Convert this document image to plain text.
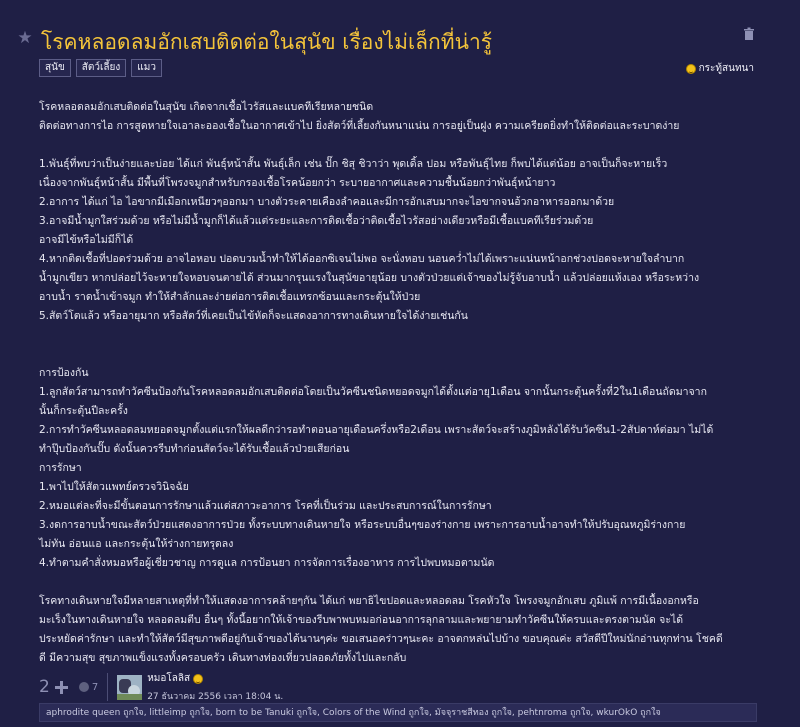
★ โรคหลอดลมอักเสบติดต่อในสุนัข เรื่องไม่เล็กที่น่ารู้
สุนัข	สัตว์เลี้ยง	แมว	กระทู้สนทนา

โรคหลอดลมอักเสบติดต่อในสุนัข เกิดจากเชื้อไวรัสและแบคทีเรียหลายชนิด
ติดต่อทางการไอ การสูดหายใจเอาละอองเชื้อในอากาศเข้าไป ยิ่งสัตว์ที่เลี้ยงกันหนาแน่น การอยู่เป็นฝูง ความเครียดยิ่งทำให้ติดต่อและระบาดง่าย

1.พันธุ์ที่พบว่าเป็นง่ายและบ่อย ได้แก่ พันธุ์หน้าสั้น พันธุ์เล็ก เช่น ปั๊ก ชิสุ ชิวาว่า พุดเดิ้ล ปอม หรือพันธุ์ไทย ก็พบได้แต่น้อย อาจเป็นก็จะหายเร็ว
เนื่องจากพันธุ์หน้าสั้น มีพื้นที่โพรงจมูกสำหรับกรองเชื้อโรคน้อยกว่า ระบายอากาศและความชื้นน้อยกว่าพันธุ์หน้ายาว
2.อาการ ได้แก่ ไอ ไอขากมีเมือกเหนียวๆออกมา บางตัวระคายเคืองลำคอและมีการอักเสบมากจะไอขากจนอ้วกอาหารออกมาด้วย
3.อาจมีน้ำมูกใสร่วมด้วย หรือไม่มีน้ำมูกก็ได้แล้วแต่ระยะและการติดเชื้อว่าติดเชื้อไวรัสอย่างเดียวหรือมีเชื้อแบคทีเรียร่วมด้วย
อาจมีไข้หรือไม่มีก็ได้
4.หากติดเชื้อที่ปอดร่วมด้วย อาจไอหอบ ปอดบวมน้ำทำให้ได้ออกซิเจนไม่พอ จะนั่งหอบ นอนคว่ำไม่ได้เพราะแน่นหน้าอกช่วงปอดจะหายใจลำบาก
น้ำมูกเขียว หากปล่อยไว้จะหายใจหอบจนตายได้ ส่วนมากรุนแรงในสุนัขอายุน้อย บางตัวป่วยแต่เจ้าของไม่รู้จับอาบน้ำ แล้วปล่อยแห้งเอง หรือระหว่าง
อาบน้ำ ราดน้ำเข้าจมูก ทำให้สำลักและง่ายต่อการติดเชื้อแทรกซ้อนและกระตุ้นให้ป่วย
5.สัตว์โตแล้ว หรืออายุมาก หรือสัตว์ที่เคยเป็นไข้หัดก็จะแสดงอาการทางเดินหายใจได้ง่ายเช่นกัน

การป้องกัน
1.ลูกสัตว์สามารถทำวัคซีนป้องกันโรคหลอดลมอักเสบติดต่อโดยเป็นวัคซีนชนิดหยอดจมูกได้ตั้งแต่อายุ1เดือน จากนั้นกระตุ้นครั้งที่2ใน1เดือนถัดมาจาก
นั้นก็กระตุ้นปีละครั้ง
2.การทำวัคซีนหลอดลมหยอดจมูกตั้งแต่แรกให้ผลดีกว่ารอทำตอนอายุเดือนครึ่งหรือ2เดือน เพราะสัตว์จะสร้างภูมิหลังได้รับวัคซีน1-2สัปดาห์ต่อมา ไม่ได้
ทำปุ๊บป้องกันปั๊บ ดังนั้นควรรีบทำก่อนสัตว์จะได้รับเชื้อแล้วป่วยเสียก่อน

การรักษา
1.พาไปให้สัตวแพทย์ตรวจวินิจฉัย
2.หมอแต่ละที่จะมีขั้นตอนการรักษาแล้วแต่สภาวะอาการ โรคที่เป็นร่วม และประสบการณ์ในการรักษา
3.งดการอาบน้ำขณะสัตว์ป่วยแสดงอาการป่วย ทั้งระบบทางเดินหายใจ หรือระบบอื่นๆของร่างกาย เพราะการอาบน้ำอาจทำให้ปรับอุณหภูมิร่างกาย
ไม่ทัน อ่อนแอ และกระตุ้นให้ร่างกายทรุดลง
4.ทำตามคำสั่งหมอหรือผู้เชี่ยวชาญ การดูแล การป้อนยา การจัดการเรื่องอาหาร การไปพบหมอตามนัด

โรคทางเดินหายใจมีหลายสาเหตุที่ทำให้แสดงอาการคล้ายๆกัน ได้แก่ พยาธิไขปอดและหลอดลม โรคหัวใจ โพรงจมูกอักเสบ ภูมิแพ้ การมีเนื้องอกหรือ
มะเร็งในทางเดินหายใจ หลอดลมตีบ อื่นๆ ทั้งนี้อยากให้เจ้าของรีบพาพบหมอก่อนอาการลุกลามและพยายามทำวัคซีนให้ครบและตรงตามนัด จะได้
ประหยัดค่ารักษา และทำให้สัตว์มีสุขภาพดีอยู่กับเจ้าของได้นานๆค่ะ ขอเสนอคร่าวๆนะคะ อาจตกหล่นไปบ้าง ขอบคุณค่ะ สวัสดีปีใหม่นักอ่านทุกท่าน โชคดี
ดี มีความสุข สุขภาพแข็งแรงทั้งครอบครัว เดินทางท่องเที่ยวปลอดภัยทั้งไปและกลับ

2	7
หมอโลลิส
27 ธันวาคม 2556 เวลา 18:04 น.
aphrodite queen ถูกใจ, littleimp ถูกใจ, born to be Tanuki ถูกใจ, Colors of the Wind ถูกใจ, มัจจุราชสีทอง ถูกใจ, pehtnroma ถูกใจ, wkurOkO ถูกใจ
